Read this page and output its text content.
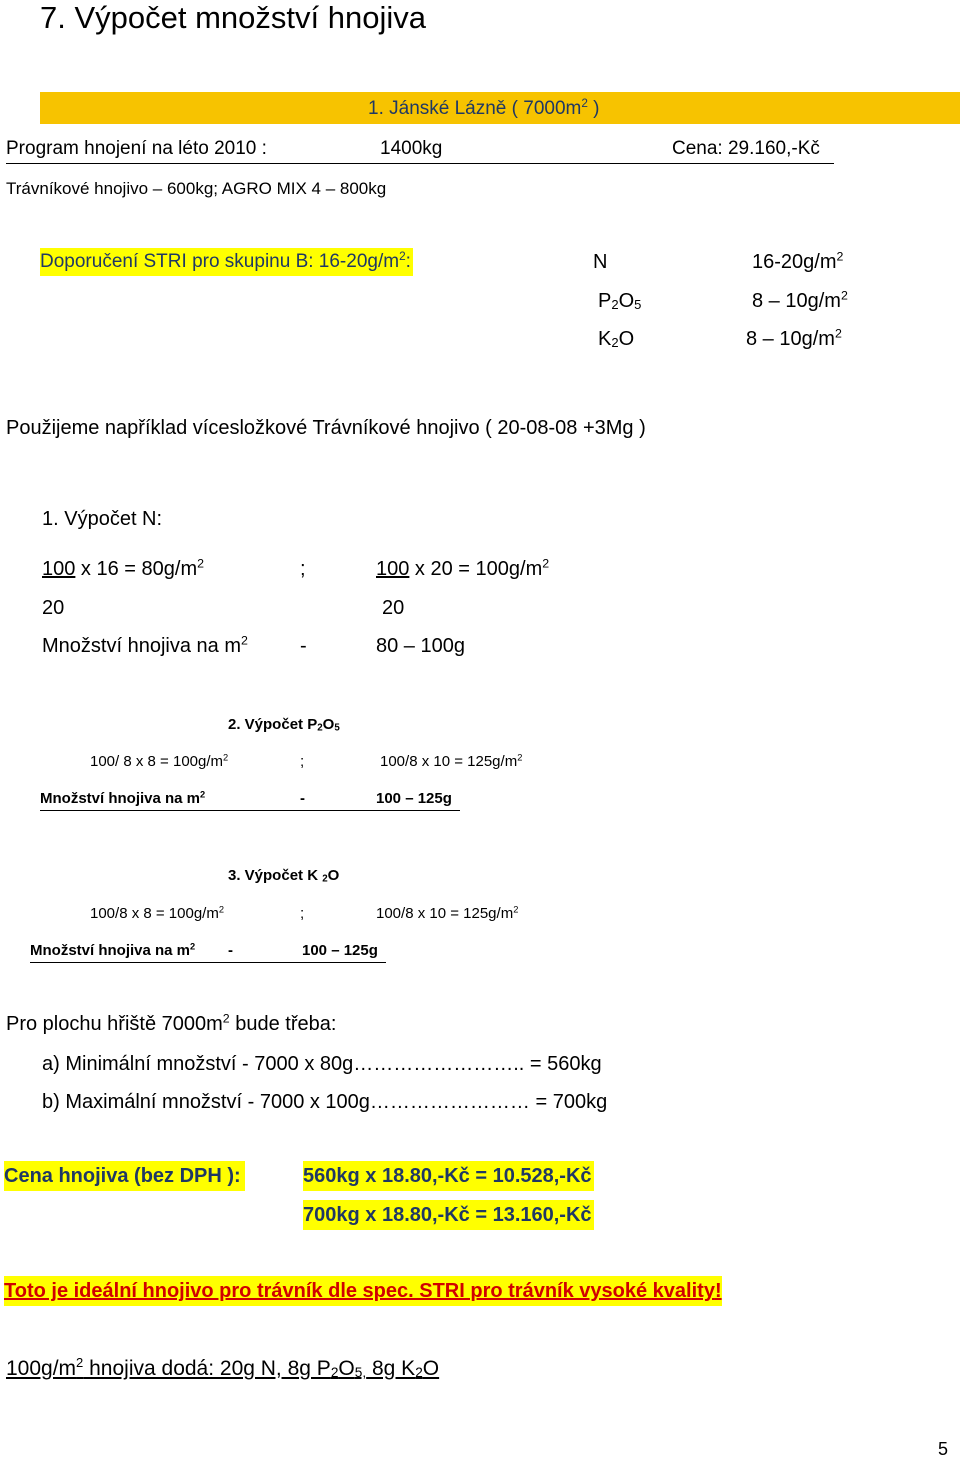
7. Výpočet množství hnojiva
1. Jánské Lázně ( $7000m^2$ )
Program hnojení na léto 2010 :	1400kg	Cena: 29.160,-Kč
Trávníkové hnojivo – 600kg; AGRO MIX 4 – 800kg
Doporučení STRI pro skupinu B: $16-20g/m^2$:	N	$16-20g/m^2$
$P_2O_5$	$8 - 10g/m^2$
$K_2O$	$8 - 10g/m^2$
Použijeme například vícesložkové Trávníkové hnojivo ( 20-08-08 +3Mg )
1. Výpočet N:
100 x $16 = 80g/m^2$	;	100 x $20 = 100g/m^2$
20	20
Množství hnojiva na $m^2$	-	80 – 100g
2. Výpočet $P_2O_5$
100/ 8 x $8 = 100g/m^2$	;	100/8 x $10 = 125g/m^2$
Množství hnojiva na $m^2$	-	100 – 125g
3. Výpočet K $_2$O
100/8 x $8 = 100g/m^2$	;	100/8 x $10 = 125g/m^2$
Množství hnojiva na $m^2$ -	100 – 125g
Pro plochu hřiště $7000m^2$ bude třeba:
a) Minimální množství - 7000 x 80g…………………….. = 560kg
b) Maximální množství - 7000 x 100g…………………… = 700kg
Cena hnojiva (bez DPH ):	560kg x 18.80,-Kč = 10.528,-Kč
700kg x 18.80,-Kč = 13.160,-Kč
Toto je ideální hnojivo pro trávník dle spec. STRI pro trávník vysoké kvality!
$100g/m^2$ hnojiva dodá: 20g N, 8g $P_2O_{5,}$ 8g $K_2O$
5
